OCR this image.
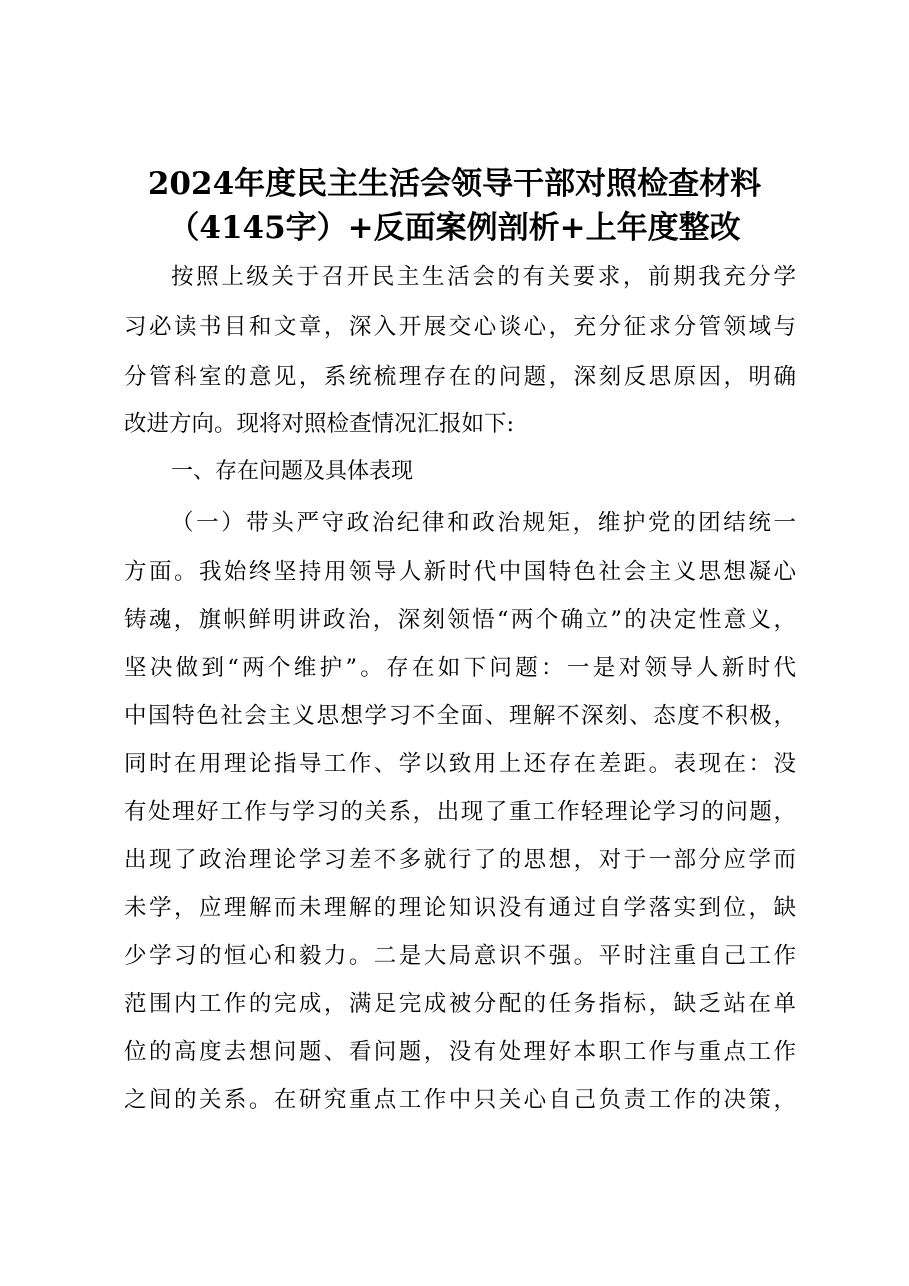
2024年度民主生活会领导干部对照检查材料
（4145字）+反面案例剖析+上年度整改
按照上级关于召开民主生活会的有关要求，前期我充分学
习必读书目和文章，深入开展交心谈心，充分征求分管领域与
分管科室的意见，系统梳理存在的问题，深刻反思原因，明确
改进方向。现将对照检查情况汇报如下:
一、存在问题及具体表现
（一）带头严守政治纪律和政治规矩，维护党的团结统一
方面。我始终坚持用领导人新时代中国特色社会主义思想凝心
铸魂，旗帜鲜明讲政治，深刻领悟“两个确立”的决定性意义，
坚决做到“两个维护”。存在如下问题：一是对领导人新时代
中国特色社会主义思想学习不全面、理解不深刻、态度不积极，
同时在用理论指导工作、学以致用上还存在差距。表现在：没
有处理好工作与学习的关系，出现了重工作轻理论学习的问题，
出现了政治理论学习差不多就行了的思想，对于一部分应学而
未学，应理解而未理解的理论知识没有通过自学落实到位，缺
少学习的恒心和毅力。二是大局意识不强。平时注重自己工作
范围内工作的完成，满足完成被分配的任务指标，缺乏站在单
位的高度去想问题、看问题，没有处理好本职工作与重点工作
之间的关系。在研究重点工作中只关心自己负责工作的决策，
